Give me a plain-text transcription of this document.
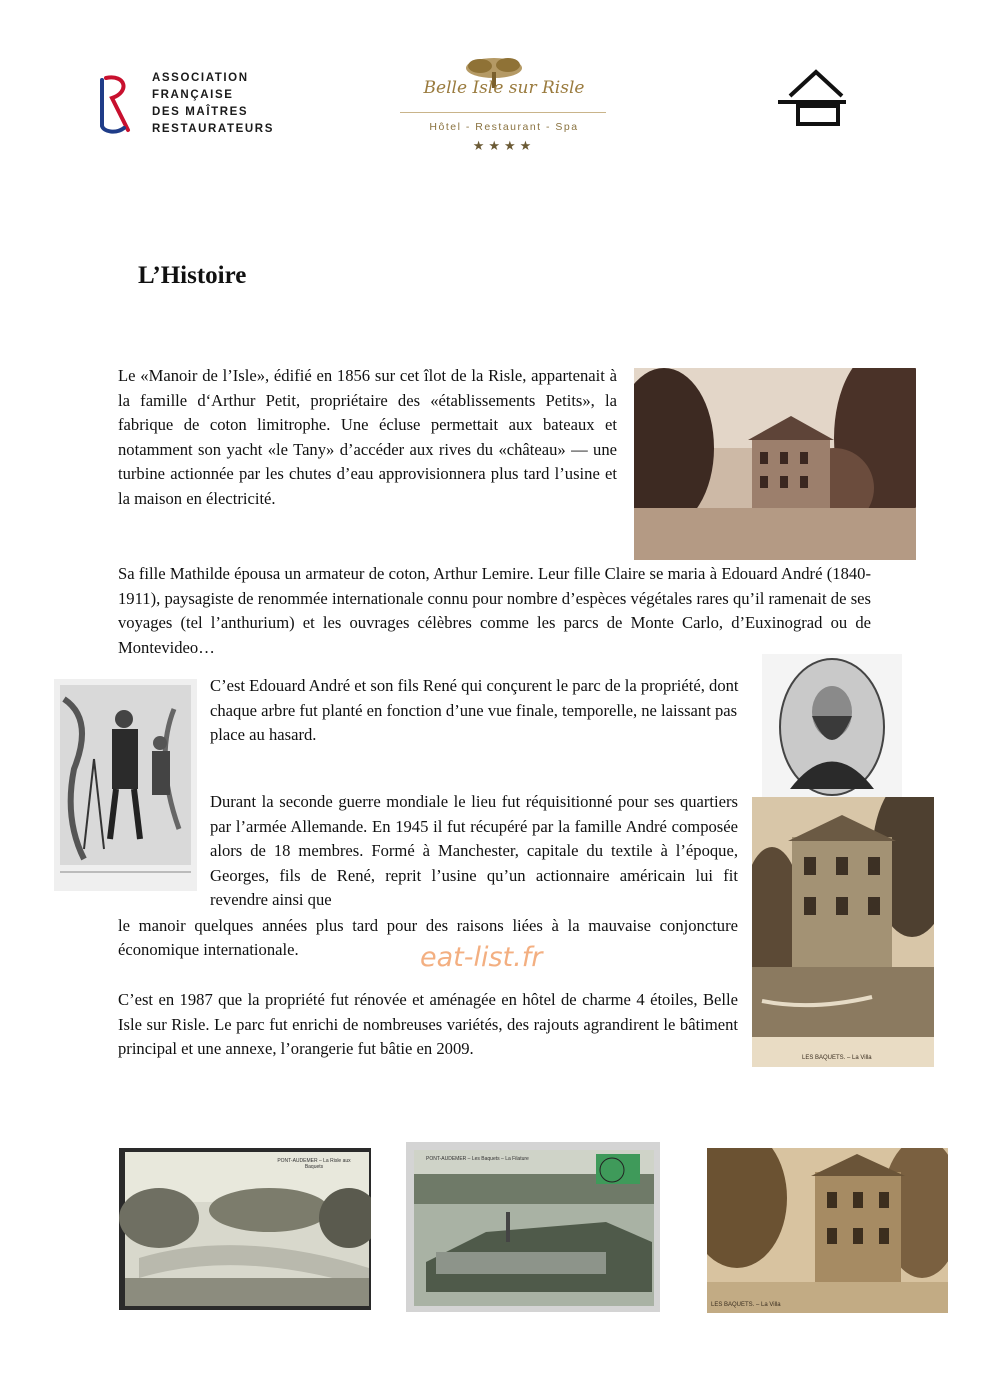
ASSOCIATION
FRANÇAISE
DES MAÎTRES
RESTAURATEURS
Belle Isle sur Risle
Hôtel - Restaurant - Spa
★★★★
L’Histoire

Le «Manoir de l’Isle», édifié en 1856 sur cet îlot de la Risle, appartenait à la famille d‘Arthur Petit, propriétaire des «établissements Petits», la fabrique de coton limitrophe. Une écluse permettait aux bateaux et notamment son yacht «le Tany» d’accéder aux rives du «château» — une turbine actionnée par les chutes d’eau approvisionnera plus tard l’usine et la maison en électricité.

Sa fille Mathilde épousa un armateur de coton, Arthur Lemire. Leur fille Claire se maria à Edouard André (1840-1911), paysagiste de renommée internationale connu pour nombre d’espèces végétales rares qu’il ramenait de ses voyages (tel l’anthurium) et les ouvrages célèbres comme les parcs de Monte Carlo, d’Euxinograd ou de Montevideo…

C’est Edouard André et son fils René qui conçurent le parc de la propriété, dont chaque arbre fut planté en fonction d’une vue finale, temporelle, ne laissant pas place au hasard.

LES BAQUETS. – La Villa

Durant la seconde guerre mondiale le lieu fut réquisitionné pour ses quartiers par l’armée Allemande. En 1945 il fut récupéré par la famille André composée alors de 18 membres. Formé à Manchester, capitale du textile à l’époque, Georges, fils de René, reprit l’usine qu’un actionnaire américain lui fit revendre ainsi que

le manoir quelques années plus tard pour des raisons liées à la mauvaise conjoncture économique internationale.	eat-list.fr

C’est en 1987 que la propriété fut rénovée et aménagée en hôtel de charme 4 étoiles, Belle Isle sur Risle. Le parc fut enrichi de nombreuses variétés, des rajouts agrandirent le bâtiment principal et une annexe, l’orangerie fut bâtie en 2009.

PONT-AUDEMER – La Risle aux Baquets
PONT-AUDEMER – Les Baquets – La Filature
LES BAQUETS. – La Villa
